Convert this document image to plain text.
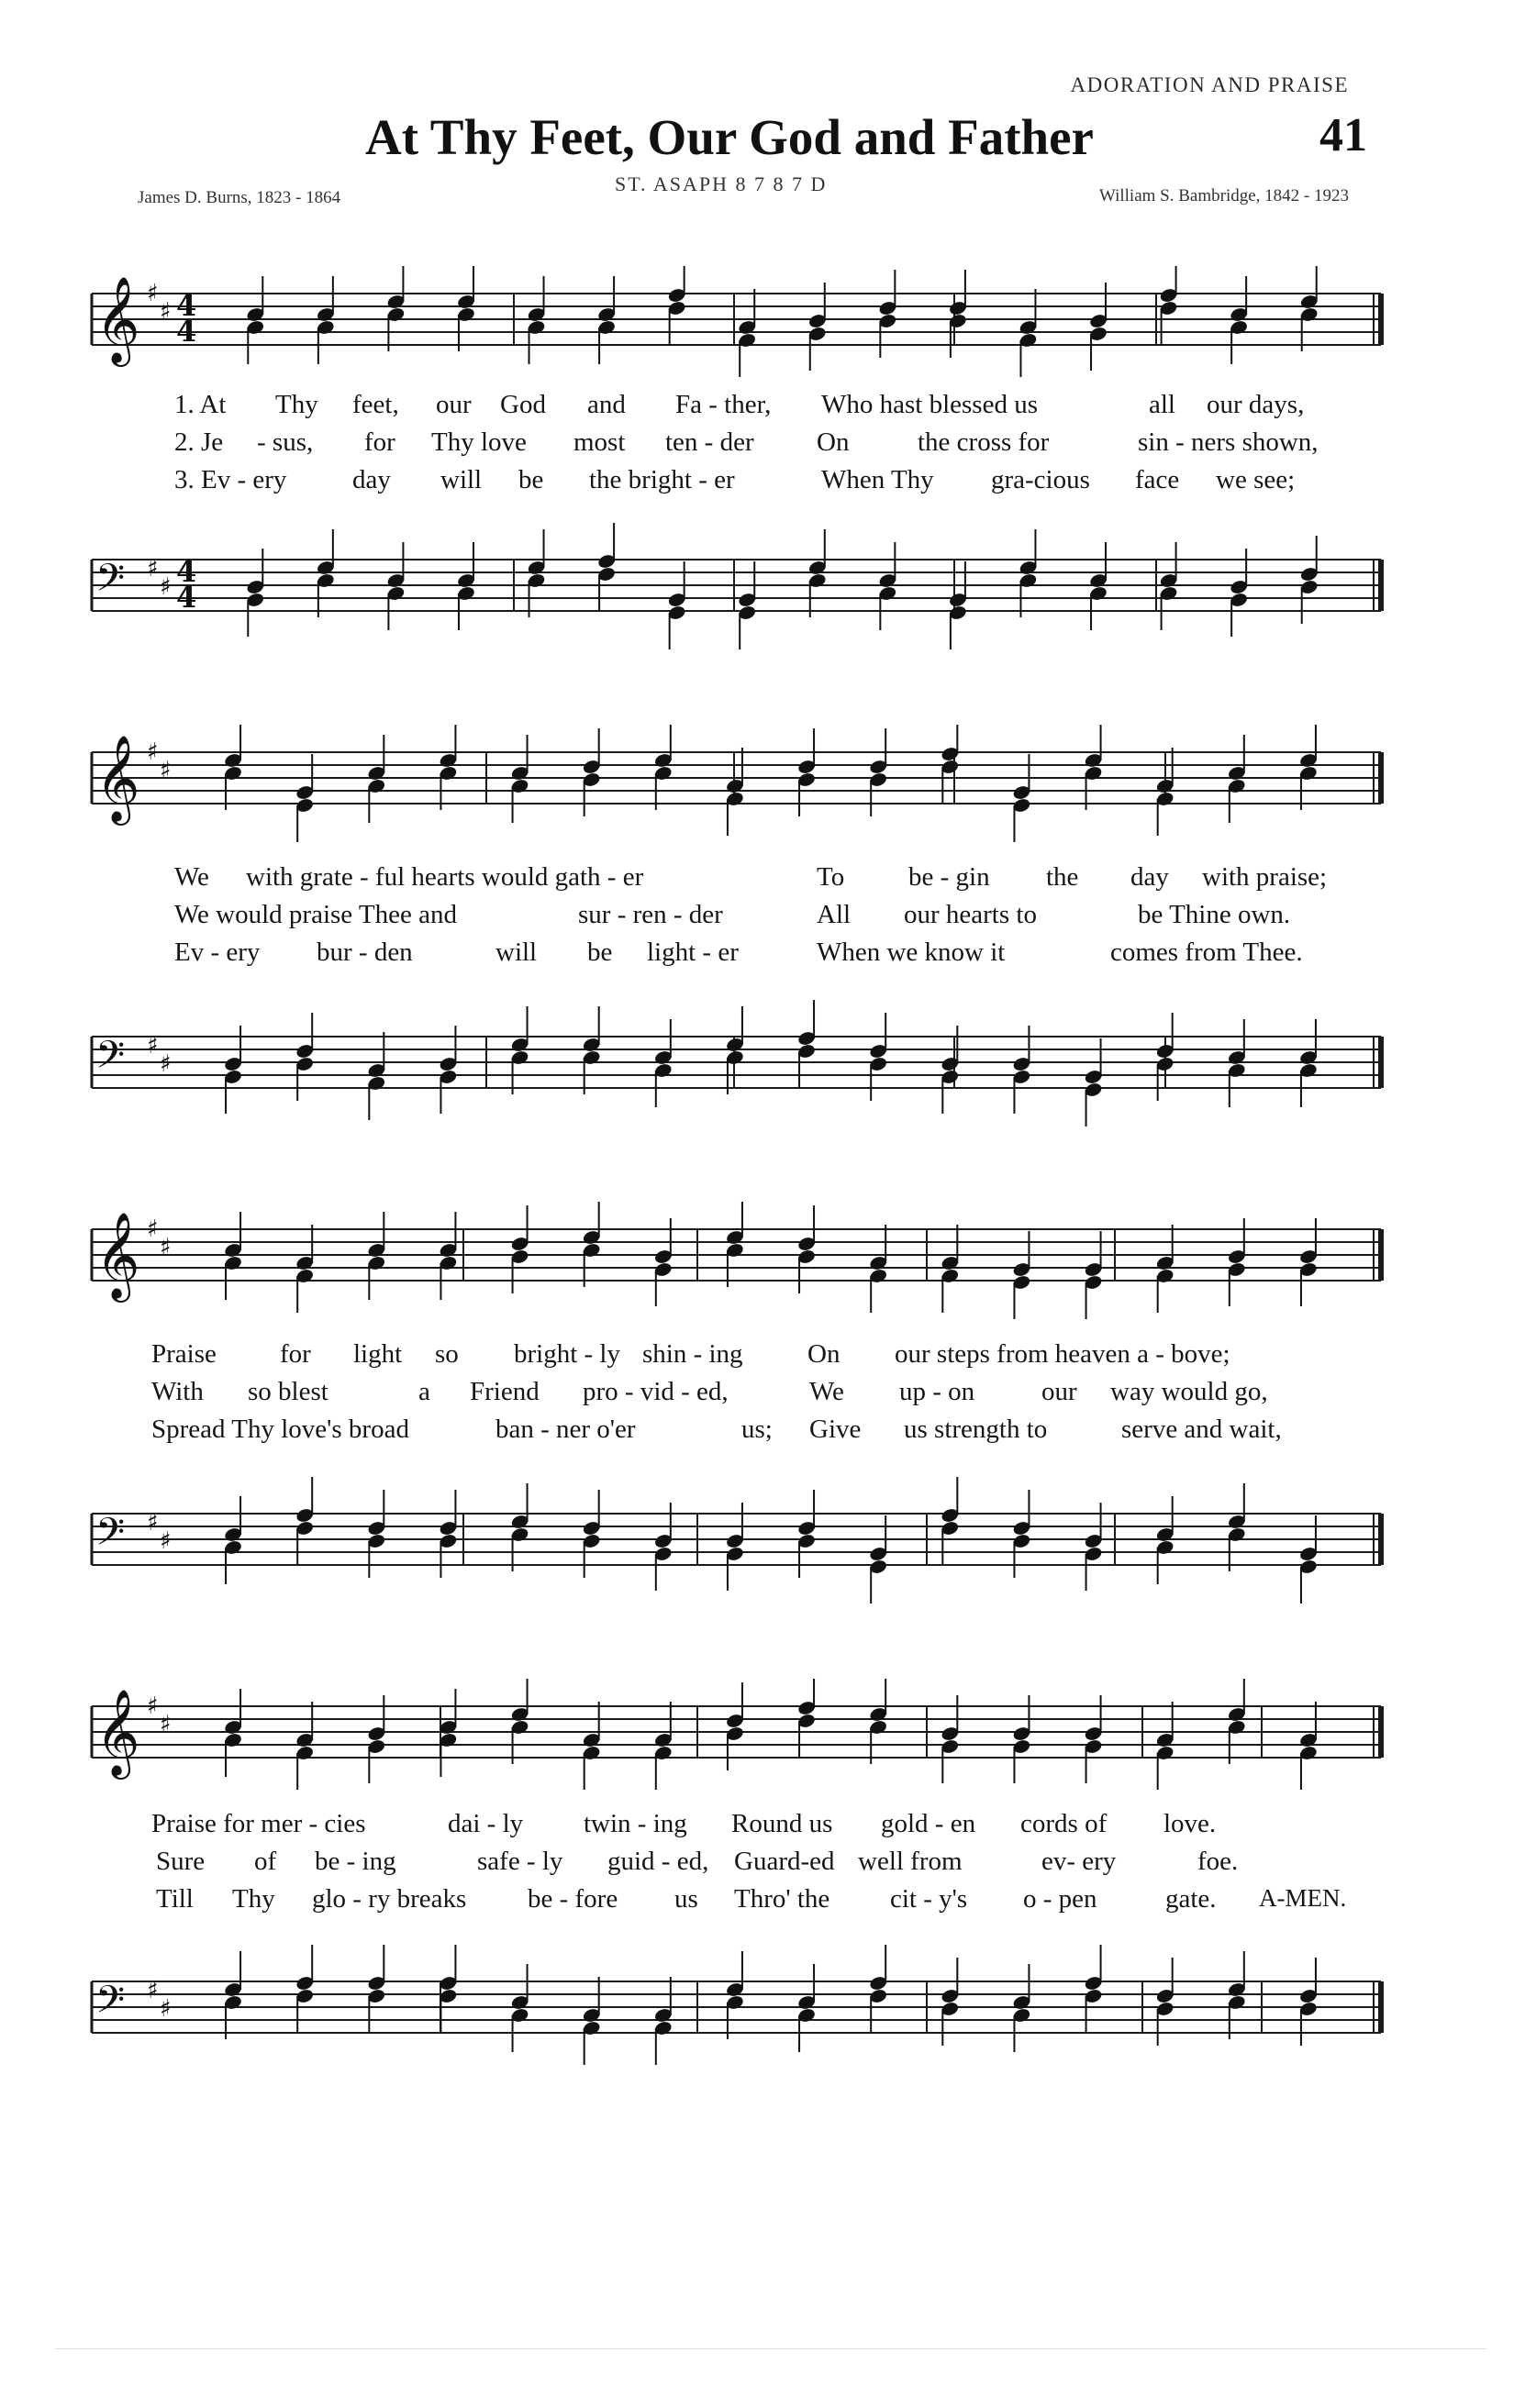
ADORATION AND PRAISE
At Thy Feet, Our God and Father	41
James D. Burns, 1823 - 1864
ST. ASAPH 8 7 8 7 D
William S. Bambridge, 1842 - 1923
𝄞 ♯
♯ 4
4
1. At Thy feet, our God and Fa - ther, Who hast blessed us	all our days,
2. Je - sus, for Thy love most ten - der On	the cross for	sin - ners shown,
3. Ev - ery day will be the bright - er	When Thy gra-cious face we see;
𝄢 ♯
♯ 4
4
𝄞 ♯
♯
We with grate - ful hearts would gath - er	To be - gin the day with praise;
We would praise Thee and	sur - ren - der	All our hearts to	be Thine own.
Ev - ery bur - den	will be light - er	When we know it	comes from Thee.
𝄢 ♯
♯
𝄞 ♯
♯
Praise for light so bright - ly shin - ing On our steps from heaven a - bove;
With so blest	a Friend pro - vid - ed,	We up - on	our way would go,
Spread Thy love's broad	ban - ner o'er	us; Give us strength to	serve and wait,
𝄢 ♯
♯
𝄞 ♯
♯
Praise for mer - cies	dai - ly twin - ing Round us gold - en cords of love.
Sure of be - ing	safe - ly guid - ed, Guard-ed well from	ev- ery	foe.
Till Thy glo - ry breaks be - fore us Thro' the cit - y's o - pen	gate. A-MEN.
𝄢 ♯
♯
